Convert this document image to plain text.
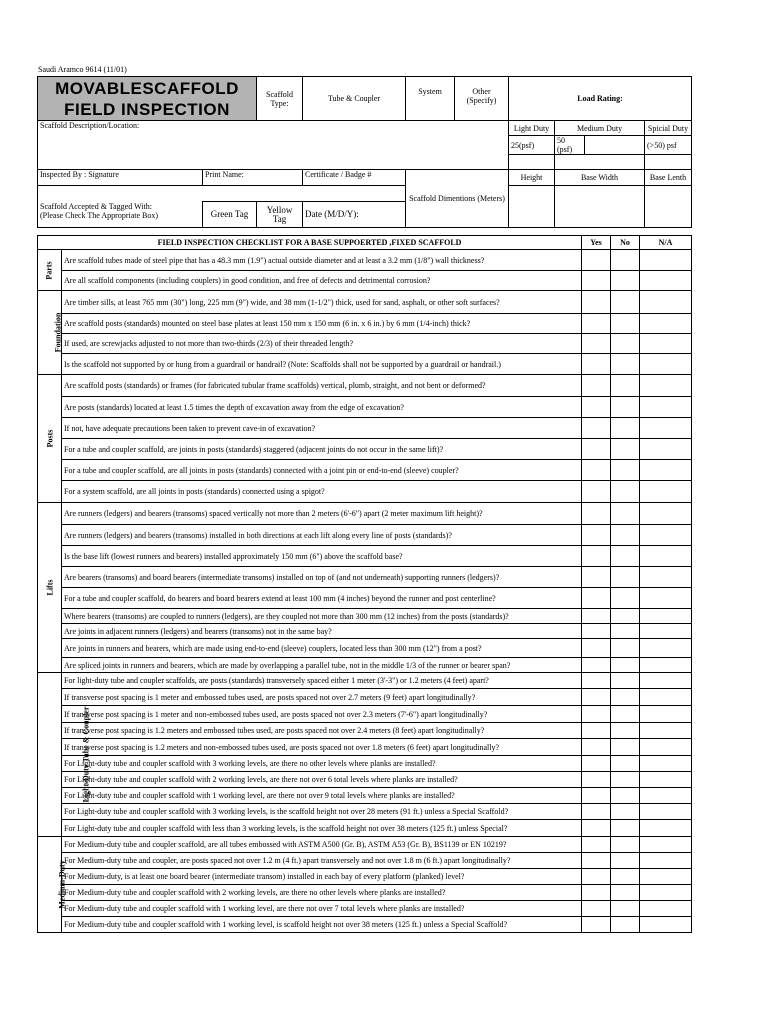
Saudi Aramco 9614 (11/01)
MOVABLESCAFFOLD
FIELD INSPECTION		Scaffold Type:	Tube & Coupler	System	Other (Specify)	Load Rating:			
Scaffold Description/Location:						Light Duty	Medium Duty		Spicial Duty
						25(psf)	50 (psf)		(>50) psf

Inspected By : Signature	Print Name:		Certificate / Badge #	Scaffold Dimentions (Meters)		Height	Base Width		Base Lenth

Scaffold Accepted & Tagged With:
(Please Check The Appropriate Box)	Green Tag	Yellow Tag	Date (M/D/Y):						
FIELD INSPECTION CHECKLIST FOR A BASE SUPPOERTED ,FIXED SCAFFOLD		Yes	No	N/A
Parts	Are scaffold tubes made of steel pipe that has a 48.3 mm (1.9") actual outside diameter and at least a 3.2 mm (1/8") wall thickness?			
	Are all scaffold components (including couplers) in good condition, and free of defects and detrimental corrosion?			
Foundation	Are timber sills, at least 765 mm (30") long, 225 mm (9") wide, and 38 mm (1-1/2") thick, used for sand, asphalt, or other soft surfaces?			
	Are scaffold posts (standards) mounted on steel base plates at least 150 mm x 150 mm (6 in. x 6 in.) by 6 mm (1/4-inch) thick?			
	If used, are screwjacks adjusted to not more than two-thirds (2/3) of their threaded length?			
	Is the scaffold not supported by or hung from a guardrail or handrail? (Note: Scaffolds shall not be supported by a guardrail or handrail.)			
Posts	Are scaffold posts (standards) or frames (for fabricated tubular frame scaffolds) vertical, plumb, straight, and not bent or deformed?			
	Are posts (standards) located at least 1.5 times the depth of excavation away from the edge of excavation?			
	If not, have adequate precautions been taken to prevent cave-in of excavation?			
	For a tube and coupler scaffold, are joints in posts (standards) staggered (adjacent joints do not occur in the same lift)?			
	For a tube and coupler scaffold, are all joints in posts (standards) connected with a joint pin or end-to-end (sleeve) coupler?			
	For a system scaffold, are all joints in posts (standards) connected using a spigot?			
Lifts	Are runners (ledgers) and bearers (transoms) spaced vertically not more than 2 meters (6'-6") apart (2 meter maximum lift height)?			
	Are runners (ledgers) and bearers (transoms) installed in both directions at each lift along every line of posts (standards)?			
	Is the base lift (lowest runners and bearers) installed approximately 150 mm (6") above the scaffold base?			
	Are bearers (transoms) and board bearers (intermediate transoms) installed on top of (and not underneath) supporting runners (ledgers)?			
	For a tube and coupler scaffold, do bearers and board bearers extend at least 100 mm (4 inches) beyond the runner and post centerline?			
	Where bearers (transoms) are coupled to runners (ledgers), are they coupled not more than 300 mm (12 inches) from the posts (standards)?			
	Are joints in adjacent runners (ledgers) and bearers (transoms) not in the same bay?			
	Are joints in runners and bearers, which are made using end-to-end (sleeve) couplers, located less than 300 mm (12") from a post?			
	Are spliced joints in runners and bearers, which are made by overlapping a parallel tube, not in the middle 1/3 of the runner or bearer span?			
Light-Duty Tube & Coupler	For light-duty tube and coupler scaffolds, are posts (standards) transversely spaced either 1 meter (3'-3") or 1.2 meters (4 feet) apart?			
	If transverse post spacing is 1 meter and embossed tubes used, are posts spaced not over 2.7 meters (9 feet) apart longitudinally?			
	If transverse post spacing is 1 meter and non-embossed tubes used, are posts spaced not over 2.3 meters (7'-6") apart longitudinally?			
	If transverse post spacing is 1.2 meters and embossed tubes used, are posts spaced not over 2.4 meters (8 feet) apart longitudinally?			
	If transverse post spacing is 1.2 meters and non-embossed tubes used, are posts spaced not over 1.8 meters (6 feet) apart longitudinally?			
	For Light-duty tube and coupler scaffold with 3 working levels, are there no other levels where planks are installed?			
	For Light-duty tube and coupler scaffold with 2 working levels, are there not over 6 total levels where planks are installed?			
	For Light-duty tube and coupler scaffold with 1 working level, are there not over 9 total levels where planks are installed?			
	For Light-duty tube and coupler scaffold with 3 working levels, is the scaffold height not over 28 meters (91 ft.) unless a Special Scaffold?			
	For Light-duty tube and coupler scaffold with less than 3 working levels, is the scaffold height not over 38 meters (125 ft.) unless Special?			
Medium-Duty	For Medium-duty tube and coupler scaffold, are all tubes embossed with ASTM A500 (Gr. B), ASTM A53 (Gr. B), BS1139 or EN 10219?			
	For Medium-duty tube and coupler, are posts spaced not over 1.2 m (4 ft.) apart transversely and not over 1.8 m (6 ft.) apart longitudinally?			
	For Medium-duty, is at least one board bearer (intermediate transom) installed in each bay of every platform (planked) level?			
	For Medium-duty tube and coupler scaffold with 2 working levels, are there no other levels where planks are installed?			
	For Medium-duty tube and coupler scaffold with 1 working level, are there not over 7 total levels where planks are installed?			
	For Medium-duty tube and coupler scaffold with 1 working level, is scaffold height not over 38 meters (125 ft.) unless a Special Scaffold?			
